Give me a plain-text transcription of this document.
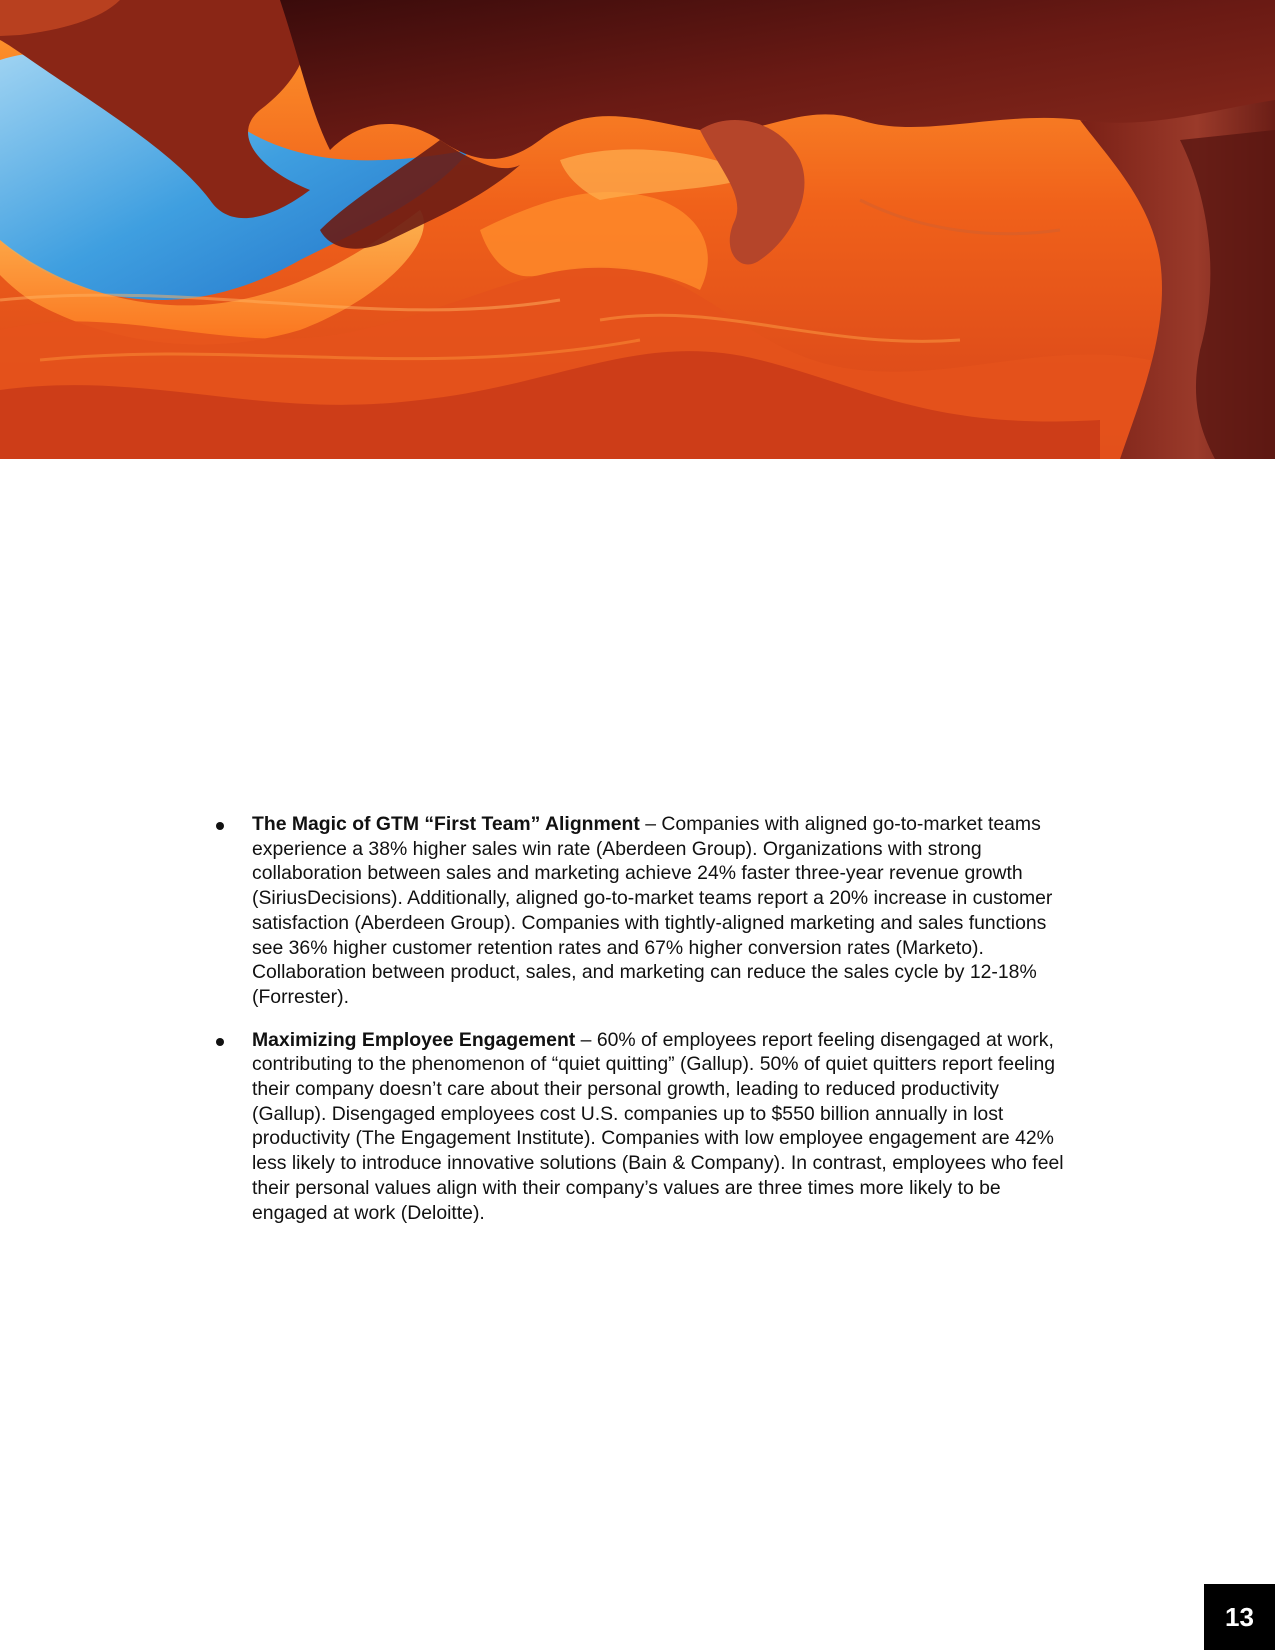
The Magic of GTM “First Team” Alignment – Companies with aligned go-to-market teams experience a 38% higher sales win rate (Aberdeen Group). Organizations with strong collaboration between sales and marketing achieve 24% faster three-year revenue growth (SiriusDecisions). Additionally, aligned go-to-market teams report a 20% increase in customer satisfaction (Aberdeen Group). Companies with tightly-aligned marketing and sales functions see 36% higher customer retention rates and 67% higher conversion rates (Marketo). Collaboration between product, sales, and marketing can reduce the sales cycle by 12-18% (Forrester).
Maximizing Employee Engagement – 60% of employees report feeling disengaged at work, contributing to the phenomenon of “quiet quitting” (Gallup). 50% of quiet quitters report feeling their company doesn’t care about their personal growth, leading to reduced productivity (Gallup). Disengaged employees cost U.S. companies up to $550 billion annually in lost productivity (The Engagement Institute). Companies with low employee engagement are 42% less likely to introduce innovative solutions (Bain & Company). In contrast, employees who feel their personal values align with their company’s values are three times more likely to be engaged at work (Deloitte).
13
